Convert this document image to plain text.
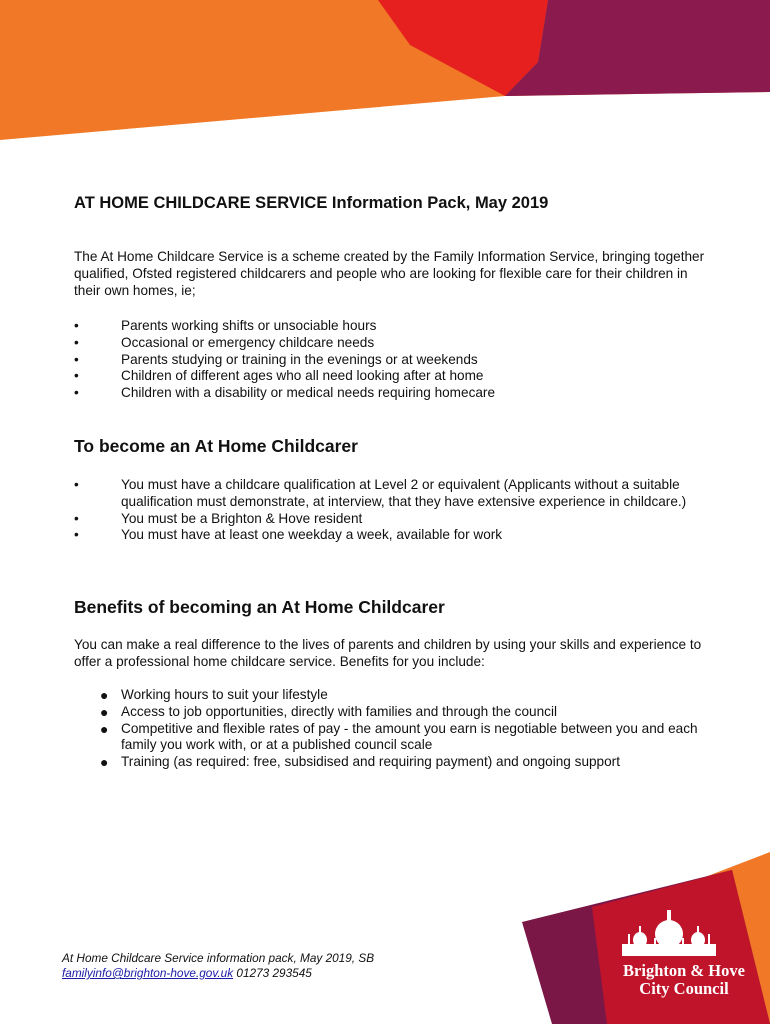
AT HOME CHILDCARE SERVICE Information Pack, May 2019

The At Home Childcare Service is a scheme created by the Family Information Service, bringing together qualified, Ofsted registered childcarers and people who are looking for flexible care for their children in their own homes, ie;

•	Parents working shifts or unsociable hours
•	Occasional or emergency childcare needs
•	Parents studying or training in the evenings or at weekends
•	Children of different ages who all need looking after at home
•	Children with a disability or medical needs requiring homecare
To become an At Home Childcarer
•	You must have a childcare qualification at Level 2 or equivalent (Applicants without a suitable qualification must demonstrate, at interview, that they have extensive experience in childcare.)
•	You must be a Brighton & Hove resident
•	You must have at least one weekday a week, available for work
Benefits of becoming an At Home Childcarer

You can make a real difference to the lives of parents and children by using your skills and experience to offer a professional home childcare service. Benefits for you include:

● Working hours to suit your lifestyle
● Access to job opportunities, directly with families and through the council
● Competitive and flexible rates of pay - the amount you earn is negotiable between you and each family you work with, or at a published council scale
● Training (as required: free, subsidised and requiring payment) and ongoing support
At Home Childcare Service information pack, May 2019, SB
familyinfo@brighton-hove.gov.uk 01273 293545	Brighton & Hove
City Council
